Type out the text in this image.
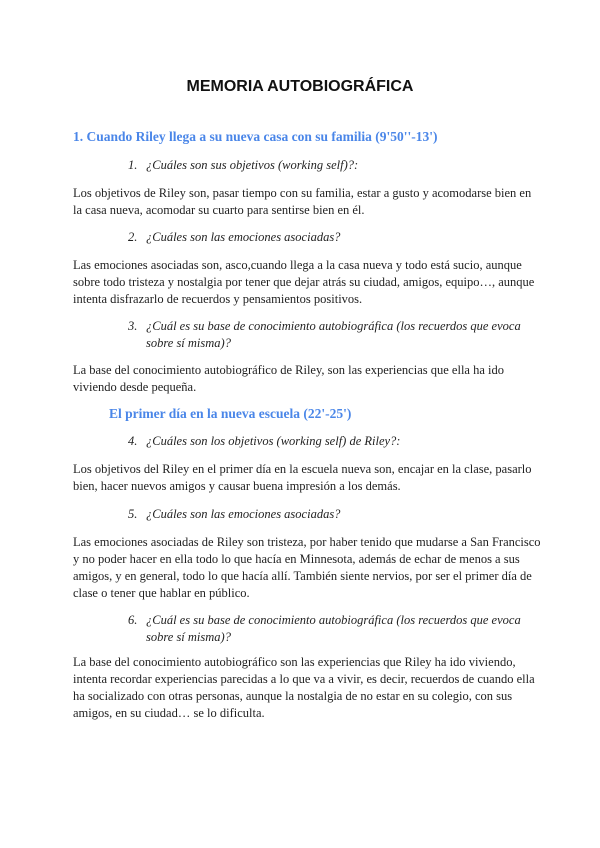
MEMORIA AUTOBIOGRÁFICA
1. Cuando Riley llega a su nueva casa con su familia (9'50''-13')
1. ¿Cuáles son sus objetivos (working self)?:
Los objetivos de Riley son, pasar tiempo con su familia, estar a gusto y acomodarse bien en
la casa nueva, acomodar su cuarto para sentirse bien en él.
2. ¿Cuáles son las emociones asociadas?
Las emociones asociadas son, asco,cuando llega a la casa nueva y todo está sucio, aunque
sobre todo tristeza y nostalgia por tener que dejar atrás su ciudad, amigos, equipo…, aunque
intenta disfrazarlo de recuerdos y pensamientos positivos.
3. ¿Cuál es su base de conocimiento autobiográfica (los recuerdos que evoca
sobre sí misma)?
La base del conocimiento autobiográfico de Riley, son las experiencias que ella ha ido
viviendo desde pequeña.
El primer día en la nueva escuela (22'-25')
4. ¿Cuáles son los objetivos (working self) de Riley?:
Los objetivos del Riley en el primer día en la escuela nueva son, encajar en la clase, pasarlo
bien, hacer nuevos amigos y causar buena impresión a los demás.
5. ¿Cuáles son las emociones asociadas?
Las emociones asociadas de Riley son tristeza, por haber tenido que mudarse a San Francisco
y no poder hacer en ella todo lo que hacía en Minnesota, además de echar de menos a sus
amigos, y en general, todo lo que hacía allí. También siente nervios, por ser el primer día de
clase o tener que hablar en público.
6. ¿Cuál es su base de conocimiento autobiográfica (los recuerdos que evoca
sobre sí misma)?
La base del conocimiento autobiográfico son las experiencias que Riley ha ido viviendo,
intenta recordar experiencias parecidas a lo que va a vivir, es decir, recuerdos de cuando ella
ha socializado con otras personas, aunque la nostalgia de no estar en su colegio, con sus
amigos, en su ciudad… se lo dificulta.
